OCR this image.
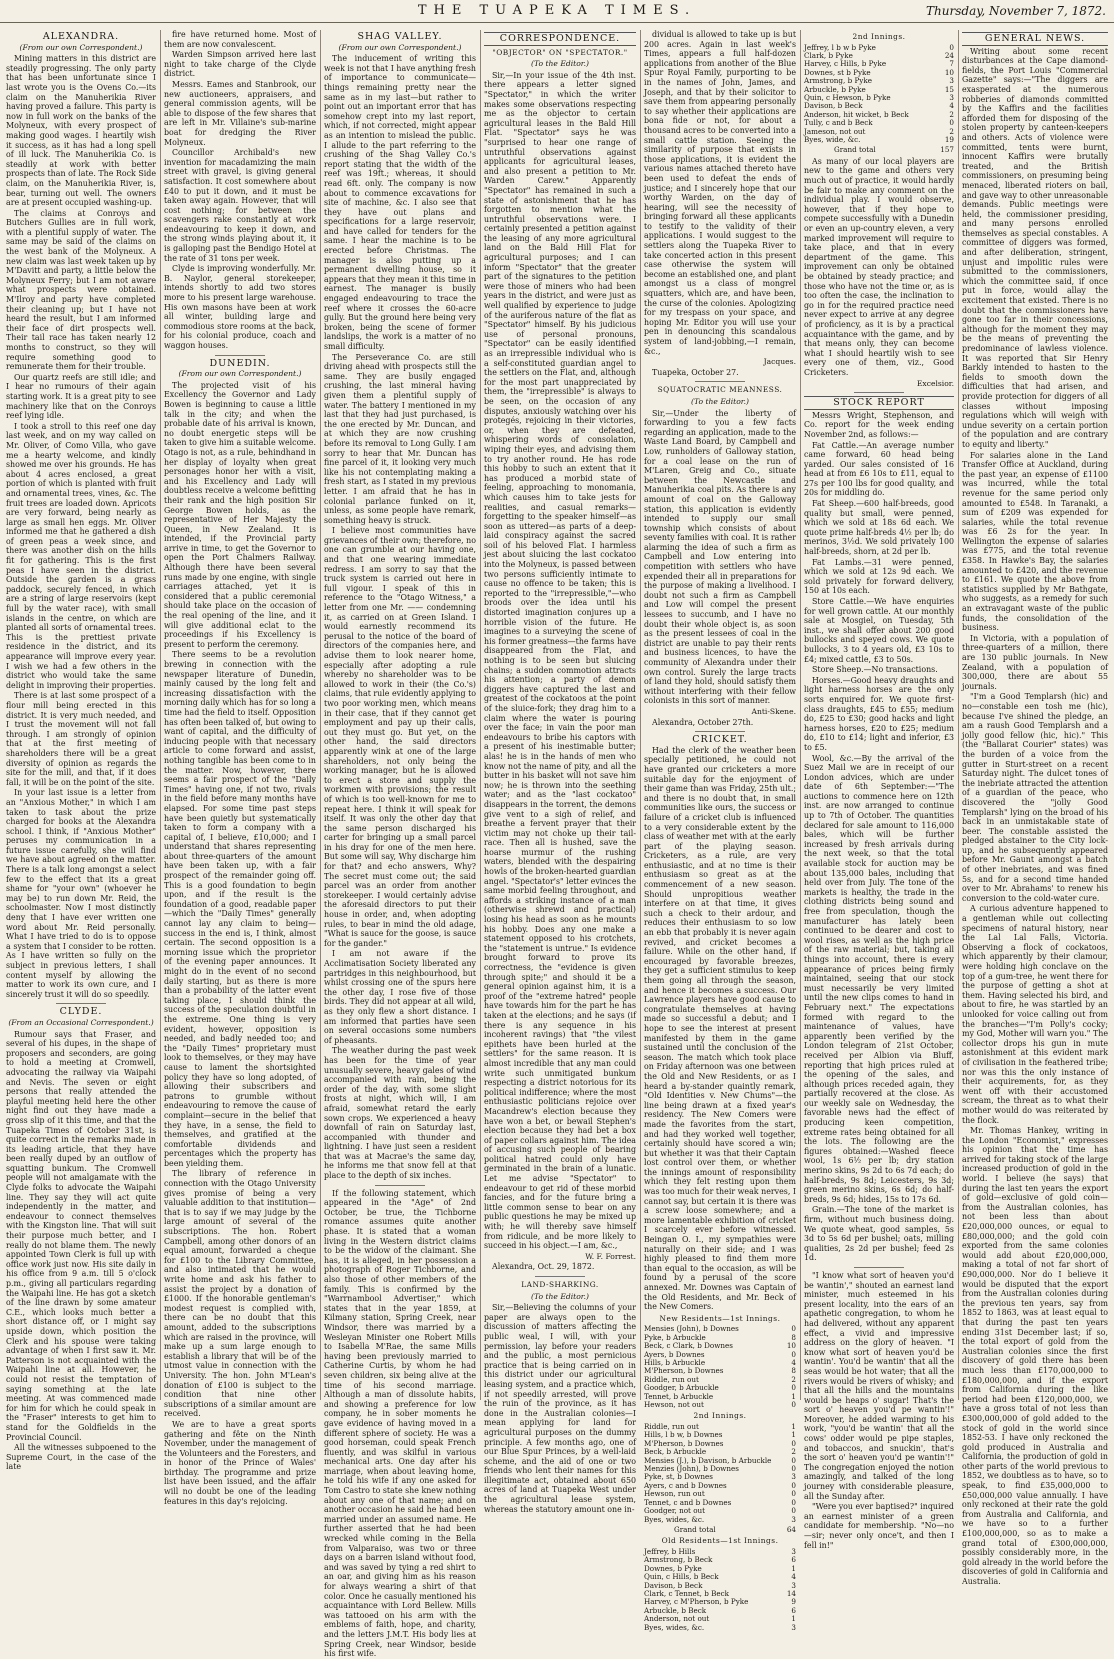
THE TUAPEKA TIMES.	Thursday, November 7, 1872.
ALEXANDRA.
(From our own Correspondent.)

Mining matters in this district are steadily progressing. The only party that has been unfortunate since I last wrote you is the Ovens Co.—its claim on the Manuherikia River having proved a failure. This party is now in full work on the banks of the Molyneux, with every prospect of making good wages. I heartily wish it success, as it has had a long spell of ill luck. The Manuherikia Co. is steadily at work with better prospects than of late. The Rock Side claim, on the Manuherikia River, is, bear, turning out well. The owners are at present occupied washing-up.

The claims at Conroys and Butchers Gullies are in full work, with a plentiful supply of water. The same may be said of the claims on the west bank of the Molyneux. A new claim was last week taken up by M'Davitt and party, a little below the Molyneux Ferry; but I am not aware what prospects were obtained. M'Ilroy and party have completed their cleaning up; but I have not heard the result, but I am informed their face of dirt prospects well. Their tail race has taken nearly 12 months to construct, so they will require something good to remunerate them for their trouble.

Our quartz reefs are still idle; and I hear no rumours of their again starting work. It is a great pity to see machinery like that on the Conroys reef lying idle.

I took a stroll to this reef one day last week, and on my way called on Mr. Oliver, of Como Villa, who gave me a hearty welcome, and kindly showed me over his grounds. He has about 4 acres enclosed, a great portion of which is planted with fruit and ornamental trees, vines, &c. The fruit trees are loaded down. Apricots are very forward, being nearly as large as small hen eggs. Mr. Oliver informed me that he gathered a dish of green peas a week since, and there was another dish on the hills fit for gathering. This is the first peas I have seen in the district. Outside the garden is a grass paddock, securely fenced, in which are a string of large reservoirs (kept full by the water race), with small islands in the centre, on which are planted all sorts of ornamental trees. This is the prettiest private residence in the district, and its appearance will improve every year. I wish we had a few others in the district who would take the same delight in improving their properties.

There is at last some prospect of a flour mill being erected in this district. It is very much needed, and I trust the movement will not fall through. I am strongly of opinion that at the first meeting of shareholders there will be a great diversity of opinion as regards the site for the mill, and that, if it does fall, it will be on the point of the site.

In your last issue is a letter from an "Anxious Mother," in which I am taken to task about the prize charged for books at the Alexandra school. I think, if "Anxious Mother" peruses my communication in a future issue carefully, she will find we have about agreed on the matter. There is a talk long amongst a select few to the effect that its a great shame for "your own" (whoever he may be) to run down Mr. Reid, the schoolmaster. Now I most distinctly deny that I have ever written one word about Mr. Reid personally. What I have tried to do is to oppose a system that I consider to be rotten. As I have written so fully on the subject in previous letters, I shall content myself by allowing the matter to work its own cure, and I sincerely trust it will do so speedily.

CLYDE.
(From an Occasional Correspondent.)

Rumour says that Fraser, and several of his dupes, in the shape of proposers and seconders, are going to hold a meeting at Cromwell, advocating the railway via Waipahi and Nevis. The seven or eight persons that really attended the playful meeting held here the other night find out they have made a gross slip of it this time, and that the Tuapeka Times of October 31st, is quite correct in the remarks made in its leading article, that they have been really duped by an outflow of squatting bunkum. The Cromwell people will not amalgamate with the Clyde folks to advocate the Waipahi line. They say they will act quite independently in the matter, and endeavour to connect themselves with the Kingston line. That will suit their purpose much better, and I really do not blame them. The newly appointed Town Clerk is full up with office work just now. His site daily in his office from 9 a.m. till 5 o'clock p.m., giving all particulars regarding the Waipahi line. He has got a sketch of the line drawn by some amateur C.E., which looks much better a short distance off, or I might say upside down, which position the Clerk and his spouse were taking advantage of when I first saw it. Mr. Patterson is not acquainted with the Waipahi line at all. However, he could not resist the temptation of saying something at the late meeting. At was commenced made for him for which he could speak in the "Fraser" interests to get him to stand for the Goldfields in the Provincial Council.

All the witnesses subpoened to the Supreme Court, in the case of the late

fire have returned home. Most of them are now convalescent.

Warden Simpson arrived here last night to take charge of the Clyde district.

Messrs. Eames and Stanbrook, our new auctioneers, appraisers, and general commission agents, will be able to dispose of the few shares that are left in Mr. Villaine's sub-marine boat for dredging the River Molyneux.

Councillor Archibald's new invention for macadamizing the main street with gravel, is giving general satisfaction. It cost somewhere about £40 to put it down, and it must be taken away again. However, that will cost nothing; for between the scavengers rake constantly at work endeavouring to keep it down, and the strong winds playing about it, it is galloping past the Bendigo Hotel at the rate of 31 tons per week.

Clyde is improving wonderfully. Mr. B. Naylor, general storekeeper, intends shortly to add two stores more to his present large warehouse. His own masons have been at work all winter, building large and commodious store rooms at the back, for his colonial produce, coach and waggon houses.

DUNEDIN.
(From our own Correspondent.)

The projected visit of his Excellency the Governor and Lady Bowen is beginning to cause a little talk in the city; and when the probable date of his arrival is known, no doubt energetic steps will be taken to give him a suitable welcome. Otago is not, as a rule, behindhand in her display of loyalty when great personages honor her with a visit, and his Excellency and Lady will doubtless receive a welcome befitting their rank and the high position Sir George Bowen holds, as the representative of Her Majesty the Queen, in New Zealand. It is intended, if the Provincial party arrive in time, to get the Governor to open the Port Chalmers Railway. Although there have been several runs made by one engine, with single carriages attached, yet it is considered that a public ceremonial should take place on the occasion of the real opening of the line, and it will give additional eclat to the proceedings if his Excellency is present to perform the ceremony.

There seems to be a revolution brewing in connection with the newspaper literature of Dunedin, mainly caused by the long felt and increasing dissatisfaction with the morning daily which has for so long a time had the field to itself. Opposition has often been talked of, but owing to want of capital, and the difficulty of inducing people with that necessary article to come forward and assist, nothing tangible has been come to in the matter. Now, however, there seems a fair prospect of the "Daily Times" having one, if not two, rivals in the field before many months have elapsed. For some time past steps have been quietly but systematically taken to form a company with a capital of, I believe, £10,000; and I understand that shares representing about three-quarters of the amount have been taken up, with a fair prospect of the remainder going off. This is a good foundation to begin upon, and if the result is the foundation of a good, readable paper—which the "Daily Times" generally cannot lay any claim to being—success in the end is, I think, almost certain. The second opposition is a morning issue which the proprietor of the evening paper announces. It might do in the event of no second daily starting, but as there is more than a probability of the latter event taking place, I should think the success of the speculation doubtful in the extreme. One thing is very evident, however, opposition is needed, and badly needed too; and the "Daily Times" proprietary must look to themselves, or they may have cause to lament the shortsighted policy they have so long adopted, of allowing their subscribers and patrons to grumble without endeavouring to remove the cause of complaint—secure in the belief that they have, in a sense, the field to themselves, and gratified at the comfortable dividends and percentages which the property has been yielding them.

The library of reference in connection with the Otago University gives promise of being a very valuable addition to that institution—that is to say if we may judge by the large amount of several of the subscriptions. The hon. Robert Campbell, among other donors of an equal amount, forwarded a cheque for £100 to the Library Committee, and also intimated that he would write home and ask his father to assist the project by a donation of £1000. If the honorable gentleman's modest request is complied with, there can be no doubt that this amount, added to the subscriptions which are raised in the province, will make up a sum large enough to establish a library that will be of the utmost value in connection with the University. The hon. John M'Lean's donation of £100 is subject to the condition that nine other subscriptions of a similar amount are received.

We are to have a great sports gathering and fête on the Ninth November, under the management of the Volunteers and the Foresters, and in honor of the Prince of Wales' birthday. The programme and prize list have been issued, and the affair will no doubt be one of the leading features in this day's rejoicing.

SHAG VALLEY.
(From our own Correspondent.)

The inducement of writing this week is not that I have anything fresh of importance to communicate—things remaining pretty near the same as in my last—but rather to point out an important error that has somehow crept into my last report, which, if not corrected, might appear as an intention to mislead the public. I allude to the part referring to the crushing of the Shag Valley Co.'s report stating that the width of the reef was 19ft.; whereas, it should read 6ft. only. The company is now about to commence excavations for site of machine, &c. I also see that they have out plans and specifications for a large reservoir, and have called for tenders for the same. I hear the machine is to be erected before Christmas. The manager is also putting up a permanent dwelling house, so it appears that they mean it this time in earnest. The manager is busily engaged endeavouring to trace the reef where it crosses the 60-acre gully. But the ground here being very broken, being the scene of former landslips, the work is a matter of no small difficulty.

The Perseverance Co. are still driving ahead with prospects still the same. They are busily engaged crushing, the last mineral having given them a plentiful supply of water. The battery I mentioned in my last that they had just purchased, is the one erected by Mr. Duncan, and at which they are now crushing before its removal to Long Gully. I am sorry to hear that Mr. Duncan has fine parcel of it, it looking very much like his not contemplating making a fresh start, as I stated in my previous letter. I am afraid that he has in colonial parlance funked on it, unless, as some people have remark, something heavy is struck.

I believe most communities have grievances of their own; therefore, no one can grumble at our having one, and that one wearing immediate redress. I am sorry to say that the truck system is carried out here in full vigour. I speak of this in reference to the "Otago Witness," a letter from one Mr. —— condemning it, as carried on at Green Island. I would earnestly recommend its perusal to the notice of the board of directors of the companies here, and advise them to look nearer home, especially after adopting a rule whereby no shareholder was to be allowed to work in their (the Co.'s) claims, that rule evidently applying to two poor working men, which means in their case, that if they cannot get employment and pay up their calls, out they must go. But yet, on the other hand, the said directors apparently wink at one of the large shareholders, not only being the working manager, but he is allowed to erect a store and supply the workmen with provisions; the result of which is too well-known for me to repeat here. I think it will speak for itself. It was only the other day that the same person discharged his carter for bringing up a small parcel in his dray for one of the men here. But some will say, Why discharge him for that? and echo answers, Why? The secret must come out; the said parcel was an order from another storekeeper. I would certainly advise the aforesaid directors to put their house in order, and, when adopting rules, to bear in mind the old adage, "What is sauce for the goose, is sauce for the gander."

I am not aware if the Acclimatisation Society liberated any partridges in this neighbourhood, but whilst crossing one of the spurs here the other day, I rose five of those birds. They did not appear at all wild, as they only flew a short distance. I am informed that parties have seen on several occasions some numbers of pheasants.

The weather during the past week has been for the time of year unusually severe, heavy gales of wind accompanied with rain, being the order of the day, with some slight frosts at night, which will, I am afraid, somewhat retard the early sown crops. We experienced a heavy downfall of rain on Saturday last, accompanied with thunder and lightning. I have just seen a resident that was at Macrae's the same day, he informs me that snow fell at that place to the depth of six inches.

If the following statement, which appeared in the "Age" of 2nd October, be true, the Tichborne romance assumes quite another phase. It is stated that a woman living in the Western district claims to be the widow of the claimant. She has, it is alleged, in her possession a photograph of Roger Tichborne, and also those of other members of the family. This is confirmed by the "Warrnambool Advertiser," which states that in the year 1859, at Kilmany station, Spring Creek, near Windsor, there was married by a Wesleyan Minister one Robert Mills to Isabella M'Rae, the same Mills having been previously married to Catherine Curtis, by whom he had seven children, six being alive at the time of his second marriage. Although a man of dissolute habits, and showing a preference for low company, he in sober moments he gave evidence of having moved in a different sphere of society. He was a good horseman, could speak French fluently, and was skilful in various mechanical arts. One day after his marriage, when about leaving home, he told his wife if any one asked for Tom Castro to state she knew nothing about any one of that name; and on another occasion he said he had been married under an assumed name. He further asserted that he had been wrecked while coming in the Bella from Valparaiso, was two or three days on a barren island without food, and was saved by tying a red shirt to an oar, and giving him as his reason for always wearing a shirt of that color. Once he casually mentioned his acquaintance with Lord Bellew. Mills was tattooed on his arm with the emblems of faith, hope, and charity, and the letters J.M.T. His body lies at Spring Creek, near Windsor, beside his first wife.

CORRESPONDENCE.
"OBJECTOR" ON "SPECTATOR."
(To the Editor.)

Sir,—In your issue of the 4th inst. there appears a letter signed "Spectator," in which the writer makes some observations respecting me as the objector to certain agricultural leases in the Bald Hill Flat. "Spectator" says he was "surprised to hear one range of untruthful observations against applicants for agricultural leases, and also present a petition to Mr. Warden Carew." Apparently "Spectator" has remained in such a state of astonishment that he has forgotten to mention what the untruthful observations were. I certainly presented a petition against the leasing of any more agricultural land on the Bald Hill Flat for agricultural purposes; and I can inform "Spectator" that the greater part of the signatures to the petition were those of miners who had been years in the district, and were just as well qualified by experience to judge of the auriferous nature of the flat as "Spectator" himself. By his judicious use of personal pronouns, "Spectator" can be easily identified as an irrepressible individual who is a self-constituted guardian angel to the settlers on the Flat, and, although for the most part unappreciated by them, the "irrepressible" is always to be seen, on the occasion of any disputes, anxiously watching over his protegés, rejoicing in their victories, or, when they are defeated, whispering words of consolation, wiping their eyes, and advising them to try another round. He has rode this hobby to such an extent that it has produced a morbid state of feeling, approaching to monomania, which causes him to take jests for realities, and casual remarks—forgetting to the speaker himself—as soon as uttered—as parts of a deep-laid conspiracy against the sacred soil of his beloved Flat. I harmless jest about sluicing the last cockatoo into the Molyneux, is passed between two persons sufficiently intimate to cause no offence to be taken; this is reported to the "irrepressible,"—who broods over the idea until his distorted imagination conjures up a horrible vision of the future. He imagines to a surveying the scene of his former greatness—the farms have disappeared from the Flat, and nothing is to be seen but sluicing chains; a sudden commotion attracts his attention; a party of demon diggers have captured the last and greatest of the cockatoos at the point of the sluice-fork; they drag him to a claim where the water is pouring over the face; in vain the poor man endeavours to bribe his captors with a present of his inestimable butter; alas! he is in the hands of men who know not the name of pity, and all the butter in his basket will not save him now; he is thrown into the seething water; and as the "last cockatoo" disappears in the torrent, the demons give vent to a sigh of relief, and breathe a fervent prayer that their victim may not choke up their tail-race. Then all is hushed, save the hoarse murmur of the rushing waters, blended with the despairing howls of the broken-hearted guardian angel. "Spectator's" letter evinces the same morbid feeling throughout, and affords a striking instance of a man (otherwise shrewd and practical) losing his head as soon as he mounts his hobby. Does any one make a statement opposed to his crotchets, the "statement is untrue." Is evidence brought forward to prove its correctness, the "evidence is given through spite;" and should it be a general opinion against him, it is a proof of the "extreme hatred" people have towards him for the part he has taken at the elections; and he says (if there is any sequence in his incoherent ravings) that "the vilest epithets have been hurled at the settlers" for the same reason. It is almost incredible that any man could write such unmitigated bunkum respecting a district notorious for its political indifference; where the most enthusiastic politicians rejoice over Macandrew's election because they have won a bet, or bewail Stephen's election because they had bet a box of paper collars against him. The idea of accusing such people of bearing political hatred could only have germinated in the brain of a lunatic. Let me advise "Spectator" to endeavour to get rid of these morbid fancies, and for the future bring a little common sense to bear on any public questions he may be mixed up with; he will thereby save himself from ridicule, and be more likely to succeed in his object.—I am, &c.,

W. F. Forrest.

Alexandra, Oct. 29, 1872.

LAND-SHARKING.
(To the Editor.)

Sir,—Believing the columns of your paper are always open to the discussion of matters affecting the public weal, I will, with your permission, lay before your readers and the public, a most pernicious practice that is being carried on in this district under our agricultural leasing system, and a practice which, if not speedily arrested, will prove the ruin of the province, as it has done in the Australian colonies—I mean applying for land for agricultural purposes on the dummy principle. A few months ago, one of our Blue Spur Princes, by a well-laid scheme, and the aid of one or two friends who lent their names for this illegitimate act, obtained about 650 acres of land at Tuapeka West under the agricultural lease system, whereas the statutory amount one in-

dividual is allowed to take up is but 200 acres. Again in last week's Times, appears a full half-dozen applications from another of the Blue Spur Royal Family, purporting to be in the names of John, James, and Joseph, and that by their solicitor to save them from appearing personally to say whether their applications are bona fide or not, for about a thousand acres to be converted into a small cattle station. Seeing the similarity of purpose that exists in those applications, it is evident the various names attached thereto have been used to defeat the ends of justice; and I sincerely hope that our worthy Warden, on the day of hearing, will see the necessity of bringing forward all these applicants to testify to the validity of their applications. I would suggest to the settlers along the Tuapeka River to take concerted action in this present case otherwise the system will become an established one, and plant amongst us a class of mongrel squatters, which are, and have been, the curse of the colonies. Apologizing for my trespass on your space, and hoping Mr. Editor you will use your pen in denouncing this scandalous system of land-jobbing,—I remain, &c.,

Jacques.

Tuapeka, October 27.

SQUATOCRATIC MEANNESS.
(To the Editor.)

Sir,—Under the liberty of forwarding to you a few facts regarding an application, made to the Waste Land Board, by Campbell and Low, runholders of Galloway station, for a coal lease on the run of M'Laren, Greig and Co., situate between the Newcastle and Manuherikia coal pits. As there is any amount of coal on the Galloway station, this application is evidently intended to supply our small township which consists of about seventy families with coal. It is rather alarming the idea of such a firm as Campbell and Low entering into competition with settlers who have expended their all in preparations for the purpose of making a livelihood. I doubt not such a firm as Campbell and Low will compel the present lessees to succumb, and I have no doubt their whole object is, as soon as the present lessees of coal in the district are unable to pay their rents and business licences, to have the community of Alexandra under their own control. Surely the large tracts of land they hold, should satisfy them without interfering with their fellow colonists in this sort of manner.

Anti-Skene.

Alexandra, October 27th.

CRICKET.

Had the clerk of the weather been specially petitioned, he could not have granted our cricketers a more suitable day for the enjoyment of their game than was Friday, 25th ult.; and there is no doubt that, in small communities like ours, the success or failure of a cricket club is influenced to a very considerable extent by the class of weather met with at the early part of the playing season. Cricketers, as a rule, are very enthusiastic, and at no time is their enthusiasm so great as at the commencement of a new season. Should unpropitious weather interfere on at that time, it gives such a check to their ardour, and reduces their enthusiasm to so low an ebb that probably it is never again revived, and cricket becomes a failure. While on the other hand, if encouraged by favorable breezes, they get a sufficient stimulus to keep them going all through the season, and hence it becomes a success. Our Lawrence players have good cause to congratulate themselves at having made so successful a debut; and I hope to see the interest at present manifested by them in the game sustained until the conclusion of the season. The match which took place on Friday afternoon was one between the Old and New Residents, or as I heard a by-stander quaintly remark, "Old Identities v. New Chums"—the line being drawn at a fixed year's residency. The New Comers were made the favorites from the start, and had they worked well together, certainly should have scored a win; but whether it was that their Captain lost control over them, or whether the innings amount of responsibility which they felt resting upon them was too much for their weak nerves, I cannot say, but certain it is there was a screw loose somewhere; and a more lamentable exhibition of cricket I scarcely ever before witnessed. Beingan O. I., my sympathies were naturally on their side; and I was highly pleased to find them more than equal to the occasion, as will be found by a perusal of the score annexed. Mr. Downes was Captain of the Old Residents, and Mr. Beck of the New Comers.

New Residents—1st Innings.
Mensies (John), b Downes	0
Pyke, b Arbuckle	8
Beck, c Clark, b Downes	10
Ayers, b Downes	0
Hills, b Arbuckle	4
M'Pherson, b Downes	8
Riddle, run out	2
Goodger, b Arbuckle	0
Tennet, b Arbuckle	1
Hewson, not out	0
2nd Innings.
Riddle, run out	1
Hills, l b w, b Downes	1
M'Pherson, b Downes	0
Beck, b Arbuckle	2
Mensies (J.), b Davison, b Arbuckle	0
Menzies (John), b Downes	0
Pyke, st, b Downes	3
Ayers, c and b Downes	0
Hewson, run out	0
Tennet, c and b Downes	0
Goodger, not out	0
Byes, wides, &c.	3
Grand total	64
Old Residents—1st Innings.
Jeffrey, b Hills	3
Armstrong, b Beck	6
Downes, b Pyke	1
Quin, c Hills, b Beck	4
Davison, b Beck	3
Clark, c Tennet, b Beck	14
Harvey, c M'Pherson, b Pyke	9
Arbuckle, b Beck	6
Anderson, not out	1
Byes, wides, &c.	3
2nd Innings.
Jeffrey, l b w b Pyke	0
Clark, b Pyke	24
Harvey, c Hills, b Pyke	7
Downes, st b Pyke	10
Armstrong, b Pyke	3
Arbuckle, b Pyke	15
Quin, c Hewson, b Pyke	3
Davison, b Beck	4
Anderson, hit wicket, b Beck	2
Tully, c and b Beck	0
Jameson, not out	2
Byes, wide, &c.	19
Grand total	157

As many of our local players are new to the game and others very much out of practice, it would hardly be fair to make any comment on the individual play. I would observe, however, that if they hope to compete successfully with a Dunedin or even an up-country eleven, a very marked improvement will require to take place, and that in every department of the game. This improvement can only be obtained be obtained by steady practice; and those who have not the time or, as is too often the case, the inclination to go in for the required practice need never expect to arrive at any degree of proficiency, as it is by a practical acquaintance with the game, and by that means only, they can become what I should heartily wish to see every one of them, viz., Good Cricketers.

Excelsior.
STOCK REPORT

Messrs Wright, Stephenson, and Co. report for the week ending November 2nd, as follows:—

Fat Cattle.—An average number came forward, 60 head being yarded. Our sales consisted of 16 head at from £6 10s to £11, equal to 27s per 100 lbs for good quality, and 20s for middling do.

Fat Sheep.—600 half-breeds, good quality but small, were penned, which we sold at 18s 6d each. We quote prime half-breds 4½ per lb; do merinos, 3½d. We sold privately 100 half-breeds, shorn, at 2d per lb.

Fat Lambs.—31 were penned, which we sold at 12s 9d each. We sold privately for forward delivery, 150 at 10s each.

Store Cattle.—We have enquiries for well grown cattle. At our monthly sale at Mosgiel, on Tuesday, 5th inst., we shall offer about 200 good bullocks and speyed cows. We quote bullocks, 3 to 4 years old, £3 10s to £4; mixed cattle, £3 to 50s.

Store Sheep.—No transactions.

Horses.—Good heavy draughts and light harness horses are the only sorts enquired for. We quote first-class draughts, £45 to £55; medium do, £25 to £30; good hacks and light harness horses, £20 to £25; medium do, £10 to £14; light and inferior, £3 to £5.

Wool, &c.—By the arrival of the Suez Mail we are in receipt of our London advices, which are under date of 6th September:—"The auctions to commence here on 12th inst. are now arranged to continue up to 7th of October. The quantities declared for sale amount to 116,000 bales, which will be further increased by fresh arrivals during the next week, so that the total available stock for auction may be about 135,000 bales, including that held over from July. The tone of the markets is healthy, the trade in the clothing districts being sound and free from speculation, though the manufacturer has lately been continued to be dearer and cost to wool rises, as well as the high price of the raw material; but, taking all things into account, there is every appearance of prices being firmly maintained, seeing that our stock must necessarily be very limited until the new clips comes to hand in February next." The expectations formed with regard to the maintenance of values, have apparently been verified by the London telegram of 21st October, received per Albion via Bluff, reporting that high prices ruled at the opening of the sales, and although prices receded again, they partially recovered at the close. As our weekly sale on Wednesday, the favorable news had the effect of producing keen competition, extreme rates being obtained for all the lots. The following are the figures obtained:—Washed fleece wool, 1s 6½ per lb; dry station merino skins, 9s 2d to 6s 7d each; do half-breds, 9s 8d; Leicesters, 9s 3d; green merino skins, 6s 6d; do half-breds, 9s 6d; hides, 15s to 17s 6d.

Grain.—The tone of the market is firm, without much business doing. We quote wheat, good samples, 5s 3d to 5s 6d per bushel; oats, milling qualities, 2s 2d per bushel; feed 2s 1d.

"I know what sort of heaven you'd be wantin'," shouted an earnest land minister, much esteemed in his present locality, into the ears of an apathetic congregation, to whom he had delivered, without any apparent effect, a vivid and impressive address on the glory of heaven. "I know what sort of heaven you'd be wantin'. You'd be wantin' that all the seas would be hot water; that all the rivers would be rivers of whisky; and that all the hills and the mountains would be heaps o' sugar! That's the sort o' heaven you'd pe wantin'!" Moreover, he added warming to his work, "you'd be wantin' that all the cows' odder would pe pipe staples, and tobaccos, and snuckin', that's the sort o' heaven you'd pe wantin'!" The congregation enjoyed the notion amazingly, and talked of the long journey with considerable pleasure, all the Sunday after.

"Were you ever baptised?" inquired an earnest minister of a green candidate for membership. "No—no—sir; never only once't, and then I fell in!"

GENERAL NEWS.

Writing about some recent disturbances at the Cape diamond-fields, the Port Louis "Commercial Gazette" says:—"The diggers are exasperated at the numerous robberies of diamonds committed by the Kaffirs and the facilities afforded them for disposing of the stolen property by canteen-keepers and others. Acts of violence were committed, tents were burnt, innocent Kaffirs were brutally treated, and the British commissioners, on presuming being menaced, liberated rioters on bail, and gave way to other unreasonable demands. Public meetings were held, the commissioner presiding, and many persons enrolled themselves as special constables. A committee of diggers was formed, and after deliberation, stringent, unjust and impolitic rules were submitted to the commissioners, which the committee said, if once put in force, would allay the excitement that existed. There is no doubt that the commissioners have gone too far in their concessions, although for the moment they may be the means of preventing the predominance of lawless violence. It was reported that Sir Henry Barkly intended to hasten to the fields to smooth down the difficulties that had arisen, and provide protection for diggers of all classes without imposing regulations which will weigh with undue severity on a certain portion of the population and are contrary to equity and liberty."

For salaries alone in the Land Transfer Office at Auckland, during the past year, an expense of £1100 was incurred, while the total revenue for the same period only amounted to £548. In Taranaki, a sum of £209 was expended for salaries, while the total revenue was £6 2s for the year. In Wellington the expense of salaries was £775, and the total revenue £358. In Hawke's Bay, the salaries amounted to £420, and the revenue to £161. We quote the above from statistics supplied by Mr Bathgate, who suggests, as a remedy for such an extravagant waste of the public funds, the consolidation of the business.

In Victoria, with a population of three-quarters of a million, there are 130 public journals. In New Zealand, with a population of 300,000, there are about 55 journals.

"I'm a Good Templarsh (hic) and no—constable een tosh me (hic), because I've shined the pledge, an am a raush Good Templarsh and a jolly good fellow (hic, hic)." This (the "Ballarat Courier" states) was the burden of a voice from the gutter in Sturt-street on a recent Saturday night. The dulcet tones of the inebriate attracted the attention of a guardian of the peace, who discovered the "jolly Good Templarsh" lying on the broad of his back in an unmistakable state of beer. The constable assisted the pledged abstainer to the City lock-up, and he subsequently appeared before Mr. Gaunt amongst a batch of other inebriates, and was fined 5s, and for a second time handed over to Mr. Abrahams' to renew his conversion to the cold-water cure.

A curious adventure happened to a gentleman while out collecting specimens of natural history, near the Lal Lal Falls, Victoria. Observing a flock of cockatoos, which apparently by their clamour, were holding high conclave on the top of a gum-tree, he went there for the purpose of getting a shot at them. Having selected his bird, and about to fire, he was startled by an unlooked for voice calling out from the branches—"I'm Polly's cocky; my God, Mother will warn you." The collector drops his gun in mute astonishment at this evident mark of civilisation in the feathered tribe; nor was this the only instance of their acquirements, for, as they went off with their accustomed scream, the threat as to what their mother would do was reiterated by the flock.

Mr. Thomas Hankey, writing in the London "Economist," expresses his opinion that the time has arrived for taking stock of the large increased production of gold in the world. I believe (he says) that during the last ten years the export of gold—exclusive of gold coin—from the Australian colonies, has not been less than about £20,000,000 ounces, or equal to £80,000,000; and the gold coin exported from the same colonies would add about £20,000,000, making a total of not far short of £90,000,000. Nor do I believe it would be disputed that the export from the Australian colonies during the previous ten years, say from 1852 to 1863, was at least equal to that during the past ten years ending 31st December last; if so, the total export of gold from the Australian colonies since the first discovery of gold there has been much less than £170,000,000 to £180,000,000, and if the export from California during the like period had been £120,000,000, we have a gross total of not less than £300,000,000 of gold added to the stock of gold in the world since 1852-53. I have only reckoned the gold produced in Australia and California, the production of gold in other parts of the world previous to 1852, we doubtless as to have, so to speak, to find £35,000,000 to £50,000,000 value annually. I have only reckoned at their rate the gold from Australia and California, and we have so to a further £100,000,000, so as to make a grand total of £300,000,000, possibly considerably more, in the gold already in the world before the discoveries of gold in California and Australia.
